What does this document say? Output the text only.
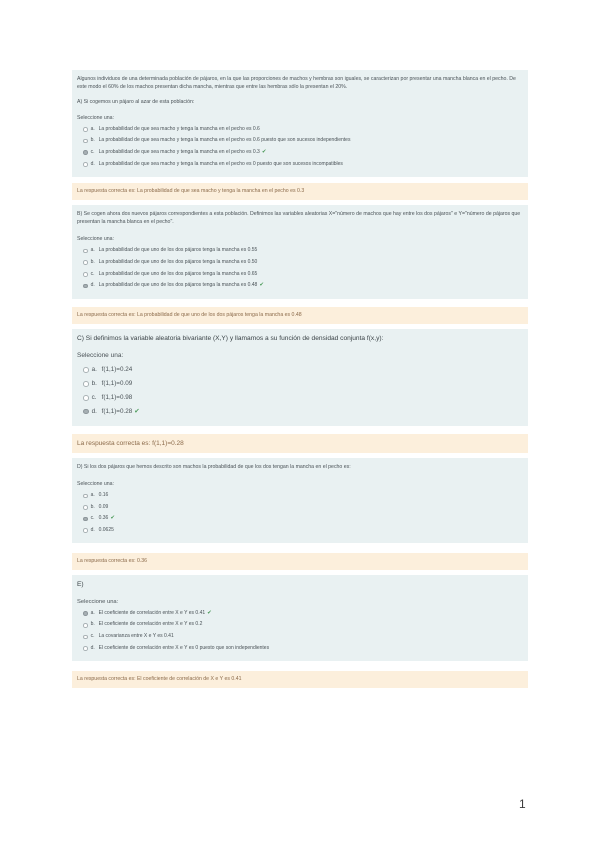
Algunos individuos de una determinada población de pájaros, en la que las proporciones de machos y hembras son iguales, se caracterizan por presentar una mancha blanca en el pecho. De este modo el 60% de los machos presentan dicha mancha, mientras que entre las hembras sólo la presentan el 20%.
A) Si cogemos un pájaro al azar de esta población:
Seleccione una:
a. La probabilidad de que sea macho y tenga la mancha en el pecho es 0.6
b. La probabilidad de que sea macho y tenga la mancha en el pecho es 0.6 puesto que son sucesos independientes
c. La probabilidad de que sea macho y tenga la mancha en el pecho es 0.3 ✔
d. La probabilidad de que sea macho y tenga la mancha en el pecho es 0 puesto que son sucesos incompatibles
La respuesta correcta es: La probabilidad de que sea macho y tenga la mancha en el pecho es 0.3
B) Se cogen ahora dos nuevos pájaros correspondientes a esta población. Definimos las variables aleatorias X="número de machos que hay entre los dos pájaros" e Y="número de pájaros que presentan la mancha blanca en el pecho".
Seleccione una:
a. La probabilidad de que uno de los dos pájaros tenga la mancha es 0.55
b. La probabilidad de que uno de los dos pájaros tenga la mancha es 0.50
c. La probabilidad de que uno de los dos pájaros tenga la mancha es 0.65
d. La probabilidad de que uno de los dos pájaros tenga la mancha es 0.48 ✔
La respuesta correcta es: La probabilidad de que uno de los dos pájaros tenga la mancha es 0.48
C) Si definimos la variable aleatoria bivariante (X,Y) y llamamos a su función de densidad conjunta f(x,y):
Seleccione una:
a. f(1,1)=0.24
b. f(1,1)=0.09
c. f(1,1)=0.98
d. f(1,1)=0.28 ✔
La respuesta correcta es: f(1,1)=0.28
D) Si los dos pájaros que hemos descrito son machos la probabilidad de que los dos tengan la mancha en el pecho es:
Seleccione una:
a. 0.16
b. 0.09
c. 0.36 ✔
d. 0.0625
La respuesta correcta es: 0.36
E)
Seleccione una:
a. El coeficiente de correlación entre X e Y es 0.41 ✔
b. El coeficiente de correlación entre X e Y es 0.2
c. La covarianza entre X e Y es 0.41
d. El coeficiente de correlación entre X e Y es 0 puesto que son independientes
La respuesta correcta es: El coeficiente de correlación de X e Y es 0.41
1
